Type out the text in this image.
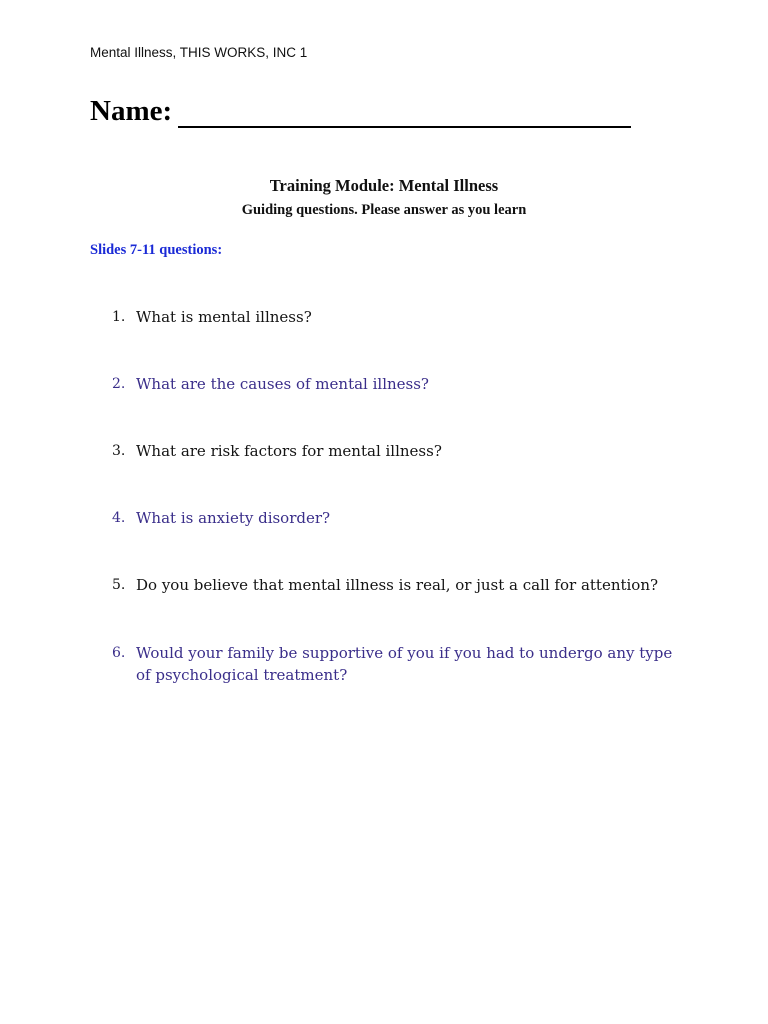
Mental Illness, THIS WORKS, INC 1
Name:
Training Module: Mental Illness
Guiding questions. Please answer as you learn
Slides 7-11 questions:
1. What is mental illness?
2. What are the causes of mental illness?
3. What are risk factors for mental illness?
4. What is anxiety disorder?
5. Do you believe that mental illness is real, or just a call for attention?
6. Would your family be supportive of you if you had to undergo any type of psychological treatment?
